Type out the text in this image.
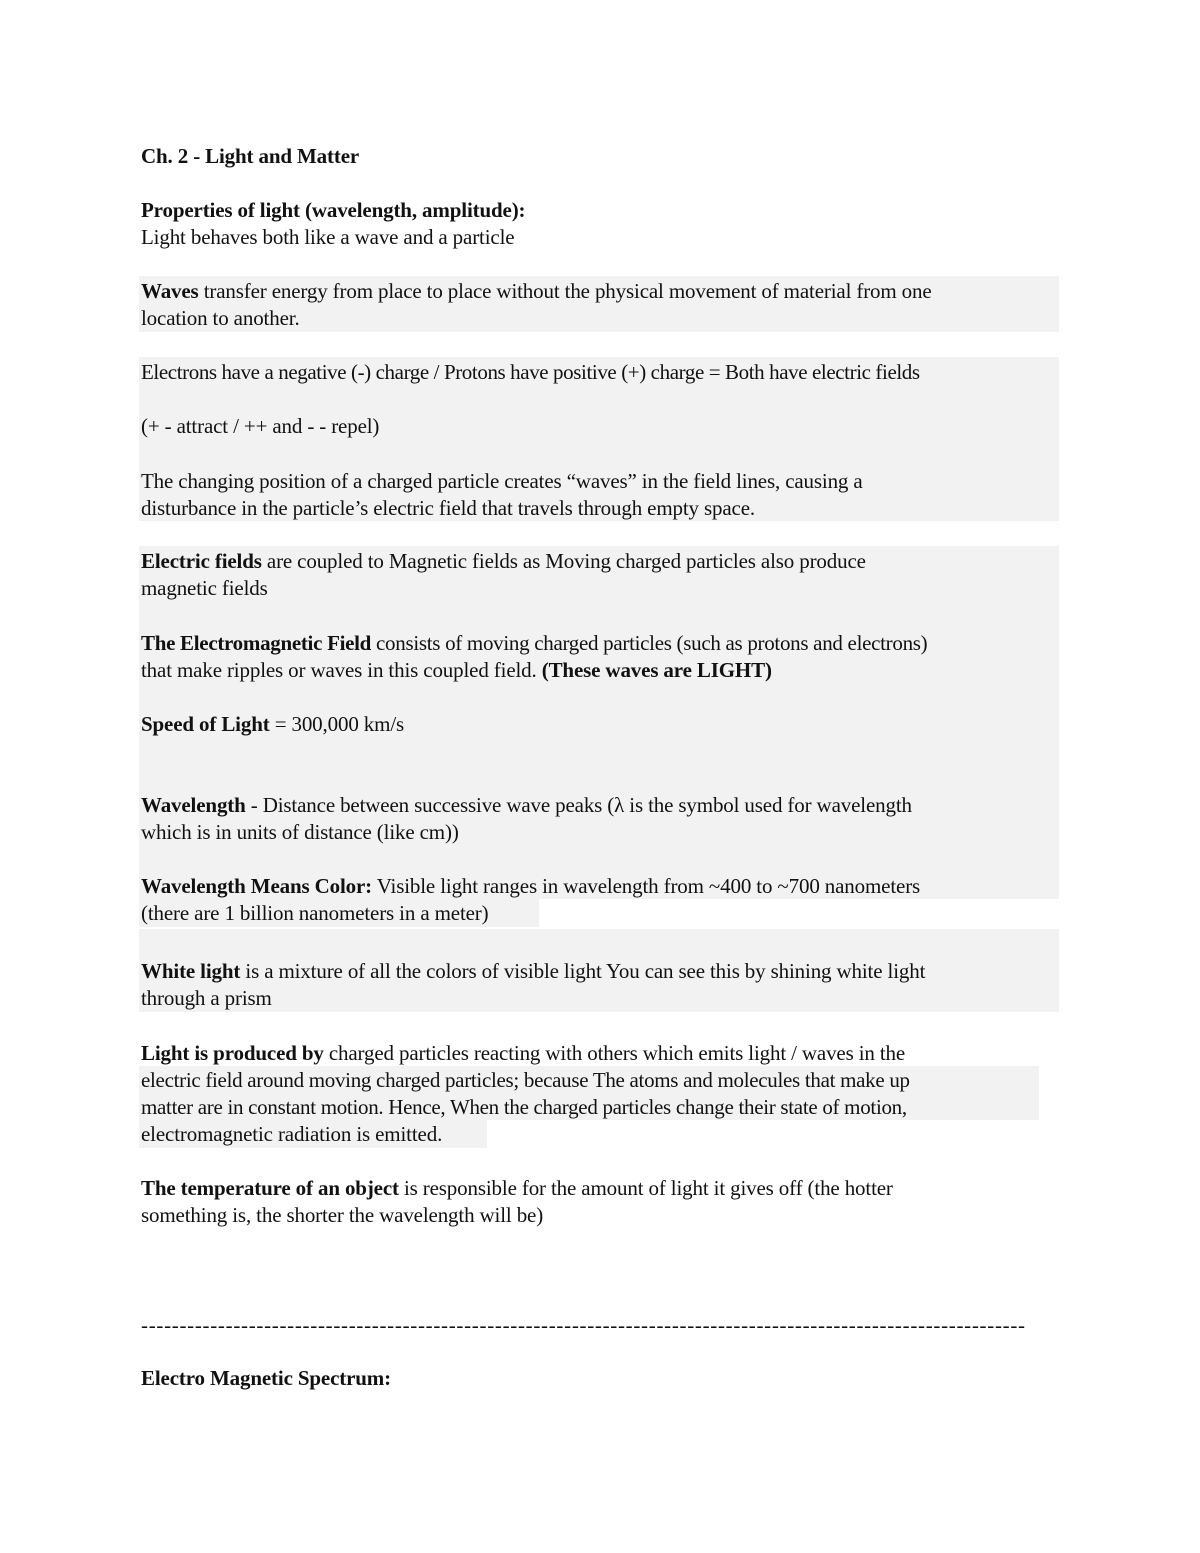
Ch. 2 - Light and Matter

Properties of light (wavelength, amplitude):

Light behaves both like a wave and a particle

Waves transfer energy from place to place without the physical movement of material from one

location to another.

Electrons have a negative (-) charge / Protons have positive (+) charge = Both have electric fields

(+ - attract / ++ and - - repel)

The changing position of a charged particle creates “waves” in the field lines, causing a

disturbance in the particle’s electric field that travels through empty space.

Electric fields are coupled to Magnetic fields as Moving charged particles also produce

magnetic fields

The Electromagnetic Field consists of moving charged particles (such as protons and electrons)

that make ripples or waves in this coupled field. (These waves are LIGHT)

Speed of Light = 300,000 km/s

Wavelength - Distance between successive wave peaks (λ is the symbol used for wavelength

which is in units of distance (like cm))

Wavelength Means Color: Visible light ranges in wavelength from ~400 to ~700 nanometers

(there are 1 billion nanometers in a meter)

White light is a mixture of all the colors of visible light You can see this by shining white light

through a prism

Light is produced by charged particles reacting with others which emits light / waves in the

electric field around moving charged particles; because The atoms and molecules that make up

matter are in constant motion. Hence, When the charged particles change their state of motion,

electromagnetic radiation is emitted.

The temperature of an object is responsible for the amount of light it gives off (the hotter

something is, the shorter the wavelength will be)

-------------------------------------------------------------------------------------------------------------------

Electro Magnetic Spectrum:
